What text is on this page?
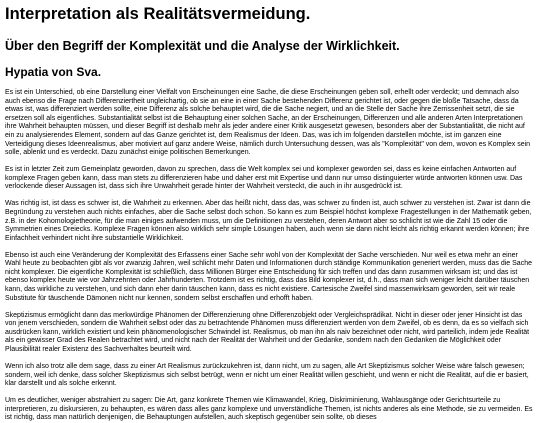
Interpretation als Realitätsvermeidung.
Über den Begriff der Komplexität und die Analyse der Wirklichkeit.
Hypatia von Sva.

Es ist ein Unterschied, ob eine Darstellung einer Vielfalt von Erscheinungen eine Sache, die diese Erscheinungen geben soll, erhellt oder verdeckt; und demnach also auch ebenso die Frage nach Differenziertheit ungleichartig, ob sie an eine in einer Sache bestehenden Differenz gerichtet ist, oder gegen die bloße Tatsache, dass da etwas ist, was differenziert werden sollte, eine Differenz als solche behauptet wird, die die Sache negiert, und an die Stelle der Sache ihre Zerrissenheit setzt, die sie ersetzen soll als eigentliches. Substantialität selbst ist die Behauptung einer solchen Sache, an der Erscheinungen, Differenzen und alle anderen Arten Interpretationen ihre Wahrheit behaupten müssen, und dieser Begriff ist deshalb mehr als jeder andere einer Kritik ausgesetzt gewesen, besonders aber der Substantialität, die nicht auf ein zu analysierendes Element, sondern auf das Ganze gerichtet ist, dem Realismus der Ideen. Das, was ich im folgenden darstellen möchte, ist im ganzen eine Verteidigung dieses Ideenrealismus, aber motiviert auf ganz andere Weise, nämlich durch Untersuchung dessen, was als "Komplexität" von dem, wovon es Komplex sein solle, ablenkt und es verdeckt. Dazu zunächst einige politischen Bemerkungen.

Es ist in letzter Zeit zum Gemeinplatz geworden, davon zu sprechen, dass die Welt komplex sei und komplexer geworden sei, dass es keine einfachen Antworten auf komplexe Fragen geben kann, dass man stets zu differenzieren habe und daher erst mit Expertise und dann nur umso distinguierter würde antworten können usw. Das verlockende dieser Aussagen ist, dass sich ihre Unwahrheit gerade hinter der Wahrheit versteckt, die auch in ihr ausgedrückt ist.

Was richtig ist, ist dass es schwer ist, die Wahrheit zu erkennen. Aber das heißt nicht, dass das, was schwer zu finden ist, auch schwer zu verstehen ist. Zwar ist dann die Begründung zu verstehen auch nichts einfaches, aber die Sache selbst doch schon. So kann es zum Beispiel höchst komplexe Fragestellungen in der Mathematik geben, z.B. in der Kohomologietheorie, für die man einiges aufwenden muss, um die Definitionen zu verstehen, deren Antwort aber so schlicht ist wie die Zahl 15 oder die Symmetrien eines Dreiecks. Komplexe Fragen können also wirklich sehr simple Lösungen haben, auch wenn sie dann nicht leicht als richtig erkannt werden können; ihre Einfachheit verhindert nicht ihre substantielle Wirklichkeit.

Ebenso ist auch eine Veränderung der Komplexität des Erfassens einer Sache sehr wohl von der Komplexität der Sache verschieden. Nur weil es etwa mehr an einer Wahl heute zu beobachten gibt als vor zwanzig Jahren, weil schlicht mehr Daten und Informationen durch ständige Kommunikation generiert werden, muss das die Sache nicht komplexer. Die eigentliche Komplexität ist schließlich, dass Millionen Bürger eine Entscheidung für sich treffen und das dann zusammen wirksam ist; und das ist ebenso komplex heute wie vor Jahrzehnten oder Jahrhunderten. Trotzdem ist es richtig, dass das Bild komplexer ist, d.h., dass man sich weniger leicht darüber täuschen kann, das wirkliche zu verstehen, und sich dann eher darin täuschen kann, dass es nicht existiere. Cartesische Zweifel sind massenwirksam geworden, seit wir reale Substitute für täuschende Dämonen nicht nur kennen, sondern selbst erschaffen und erhofft haben.

Skeptizismus ermöglicht dann das merkwürdige Phänomen der Differenzierung ohne Differenzobjekt oder Vergleichsprädikat. Nicht in dieser oder jener Hinsicht ist das von jenem verschieden, sondern die Wahrheit selbst oder das zu betrachtende Phänomen muss differenziert werden von dem Zweifel, ob es denn, da es so vielfach sich ausdrücken kann, wirklich existiert und kein phänomenologischer Schwindel ist. Realismus, ob man ihn als naiv bezeichnet oder nicht, wird parteilich, indem jede Realität als ein gewisser Grad des Realen betrachtet wird, und nicht nach der Realität der Wahrheit und der Gedanke, sondern nach den Gedanken die Möglichkeit oder Plausibilität realer Existenz des Sachverhaltes beurteilt wird.

Wenn ich also trotz alle dem sage, dass zu einer Art Realismus zurückzukehren ist, dann nicht, um zu sagen, alle Art Skeptizismus solcher Weise wäre falsch gewesen; sondern, weil ich denke, dass solcher Skeptizismus sich selbst betrügt, wenn er nicht um einer Realität willen geschieht, und wenn er nicht die Realität, auf die er basiert, klar darstellt und als solche erkennt.

Um es deutlicher, weniger abstrahiert zu sagen: Die Art, ganz konkrete Themen wie Klimawandel, Krieg, Diskriminierung, Wahlausgänge oder Gerichtsurteile zu interpretieren, zu diskursieren, zu behaupten, es wären dass alles ganz komplexe und unverständliche Themen, ist nichts anderes als eine Methode, sie zu vermeiden. Es ist richtig, dass man natürlich denjenigen, die Behauptungen aufstellen, auch skeptisch gegenüber sein sollte, ob dieses
